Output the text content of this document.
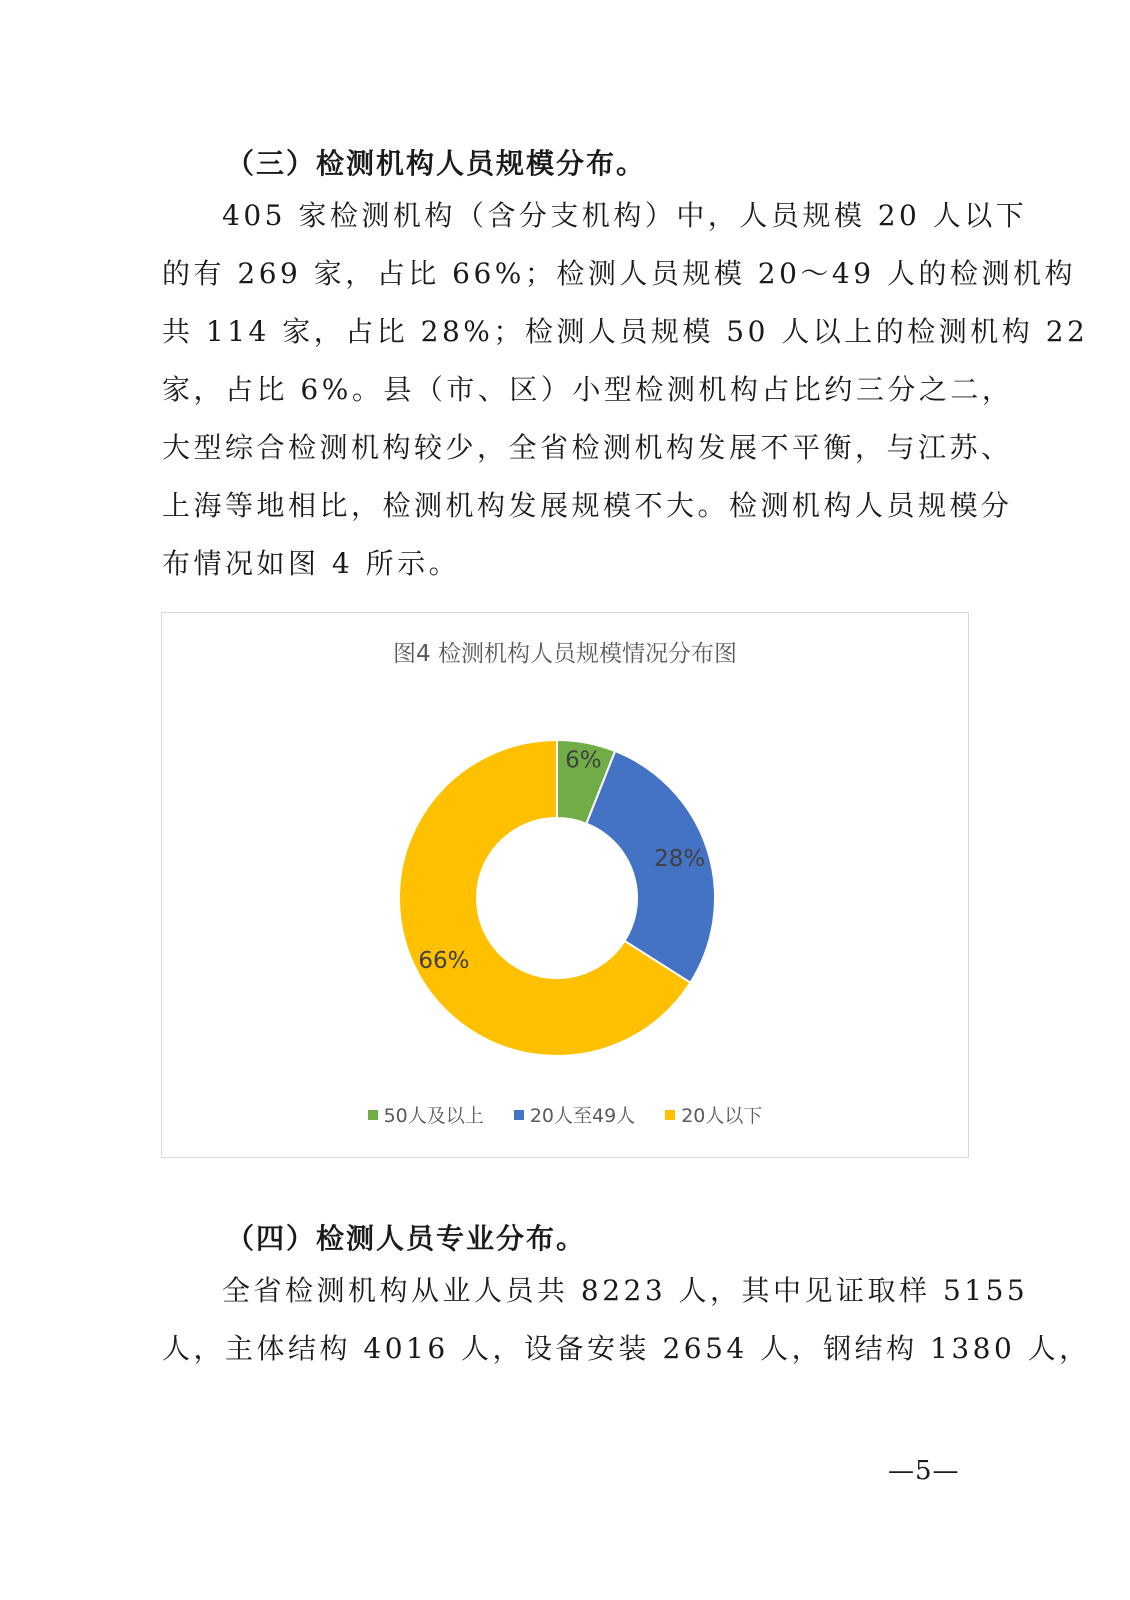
（三）检测机构人员规模分布。
405 家检测机构（含分支机构）中，人员规模 20 人以下
的有 269 家，占比 66%；检测人员规模 20～49 人的检测机构
共 114 家，占比 28%；检测人员规模 50 人以上的检测机构 22
家，占比 6%。县（市、区）小型检测机构占比约三分之二，
大型综合检测机构较少，全省检测机构发展不平衡，与江苏、
上海等地相比，检测机构发展规模不大。检测机构人员规模分
布情况如图 4 所示。
图4 检测机构人员规模情况分布图
6%
28%
66%
50人及以上 20人至49人 20人以下
（四）检测人员专业分布。
全省检测机构从业人员共 8223 人，其中见证取样 5155
人，主体结构 4016 人，设备安装 2654 人，钢结构 1380 人，
—5—
